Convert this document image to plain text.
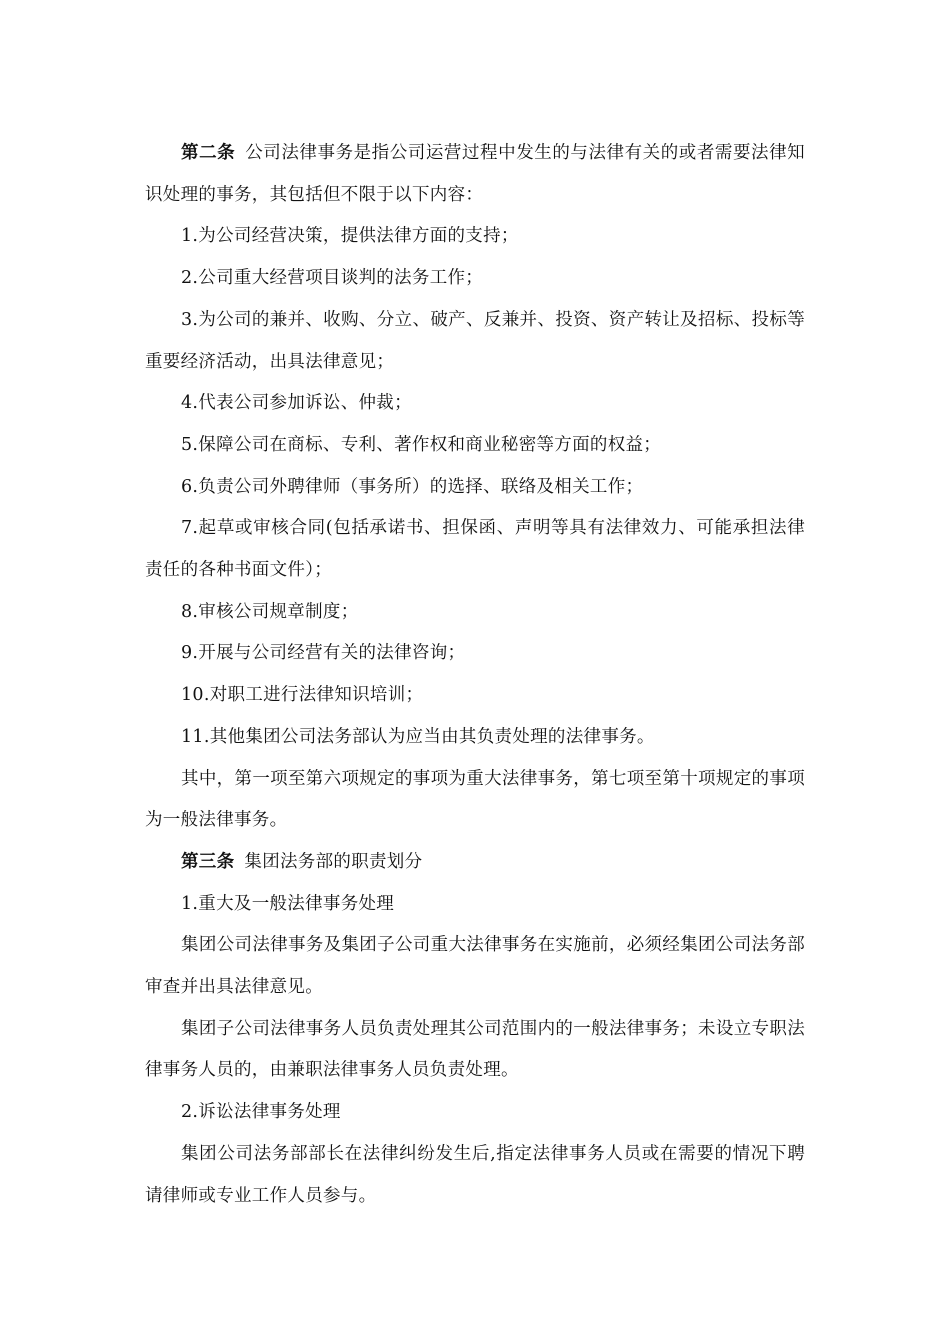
第二条 公司法律事务是指公司运营过程中发生的与法律有关的或者需要法律知识处理的事务，其包括但不限于以下内容：

1.为公司经营决策，提供法律方面的支持；

2.公司重大经营项目谈判的法务工作；

3.为公司的兼并、收购、分立、破产、反兼并、投资、资产转让及招标、投标等重要经济活动，出具法律意见；

4.代表公司参加诉讼、仲裁；

5.保障公司在商标、专利、著作权和商业秘密等方面的权益；

6.负责公司外聘律师（事务所）的选择、联络及相关工作；

7.起草或审核合同(包括承诺书、担保函、声明等具有法律效力、可能承担法律责任的各种书面文件）；

8.审核公司规章制度；

9.开展与公司经营有关的法律咨询；

10.对职工进行法律知识培训；

11.其他集团公司法务部认为应当由其负责处理的法律事务。

其中，第一项至第六项规定的事项为重大法律事务，第七项至第十项规定的事项为一般法律事务。

第三条 集团法务部的职责划分

1.重大及一般法律事务处理

集团公司法律事务及集团子公司重大法律事务在实施前，必须经集团公司法务部审查并出具法律意见。

集团子公司法律事务人员负责处理其公司范围内的一般法律事务；未设立专职法律事务人员的，由兼职法律事务人员负责处理。

2.诉讼法律事务处理

集团公司法务部部长在法律纠纷发生后,指定法律事务人员或在需要的情况下聘请律师或专业工作人员参与。
